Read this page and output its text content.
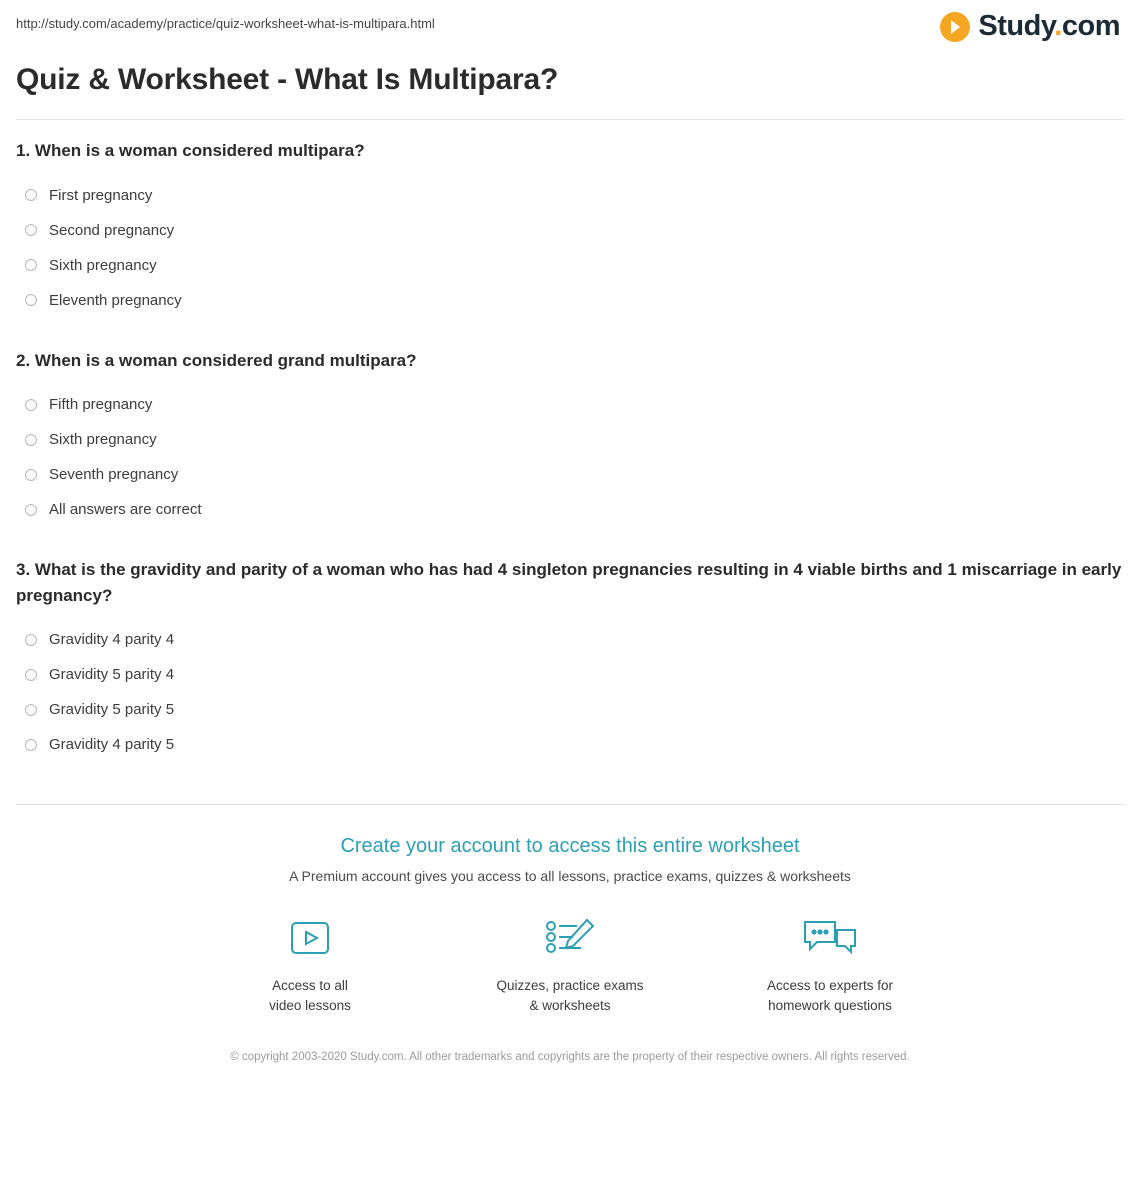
http://study.com/academy/practice/quiz-worksheet-what-is-multipara.html	Study.com
Quiz & Worksheet - What Is Multipara?
1. When is a woman considered multipara?
First pregnancy
Second pregnancy
Sixth pregnancy
Eleventh pregnancy
2. When is a woman considered grand multipara?
Fifth pregnancy
Sixth pregnancy
Seventh pregnancy
All answers are correct
3. What is the gravidity and parity of a woman who has had 4 singleton pregnancies resulting in 4 viable births and 1 miscarriage in early pregnancy?
Gravidity 4 parity 4
Gravidity 5 parity 4
Gravidity 5 parity 5
Gravidity 4 parity 5
Create your account to access this entire worksheet
A Premium account gives you access to all lessons, practice exams, quizzes & worksheets
Access to all
video lessons
Quizzes, practice exams
& worksheets
Access to experts for
homework questions
© copyright 2003-2020 Study.com. All other trademarks and copyrights are the property of their respective owners. All rights reserved.
